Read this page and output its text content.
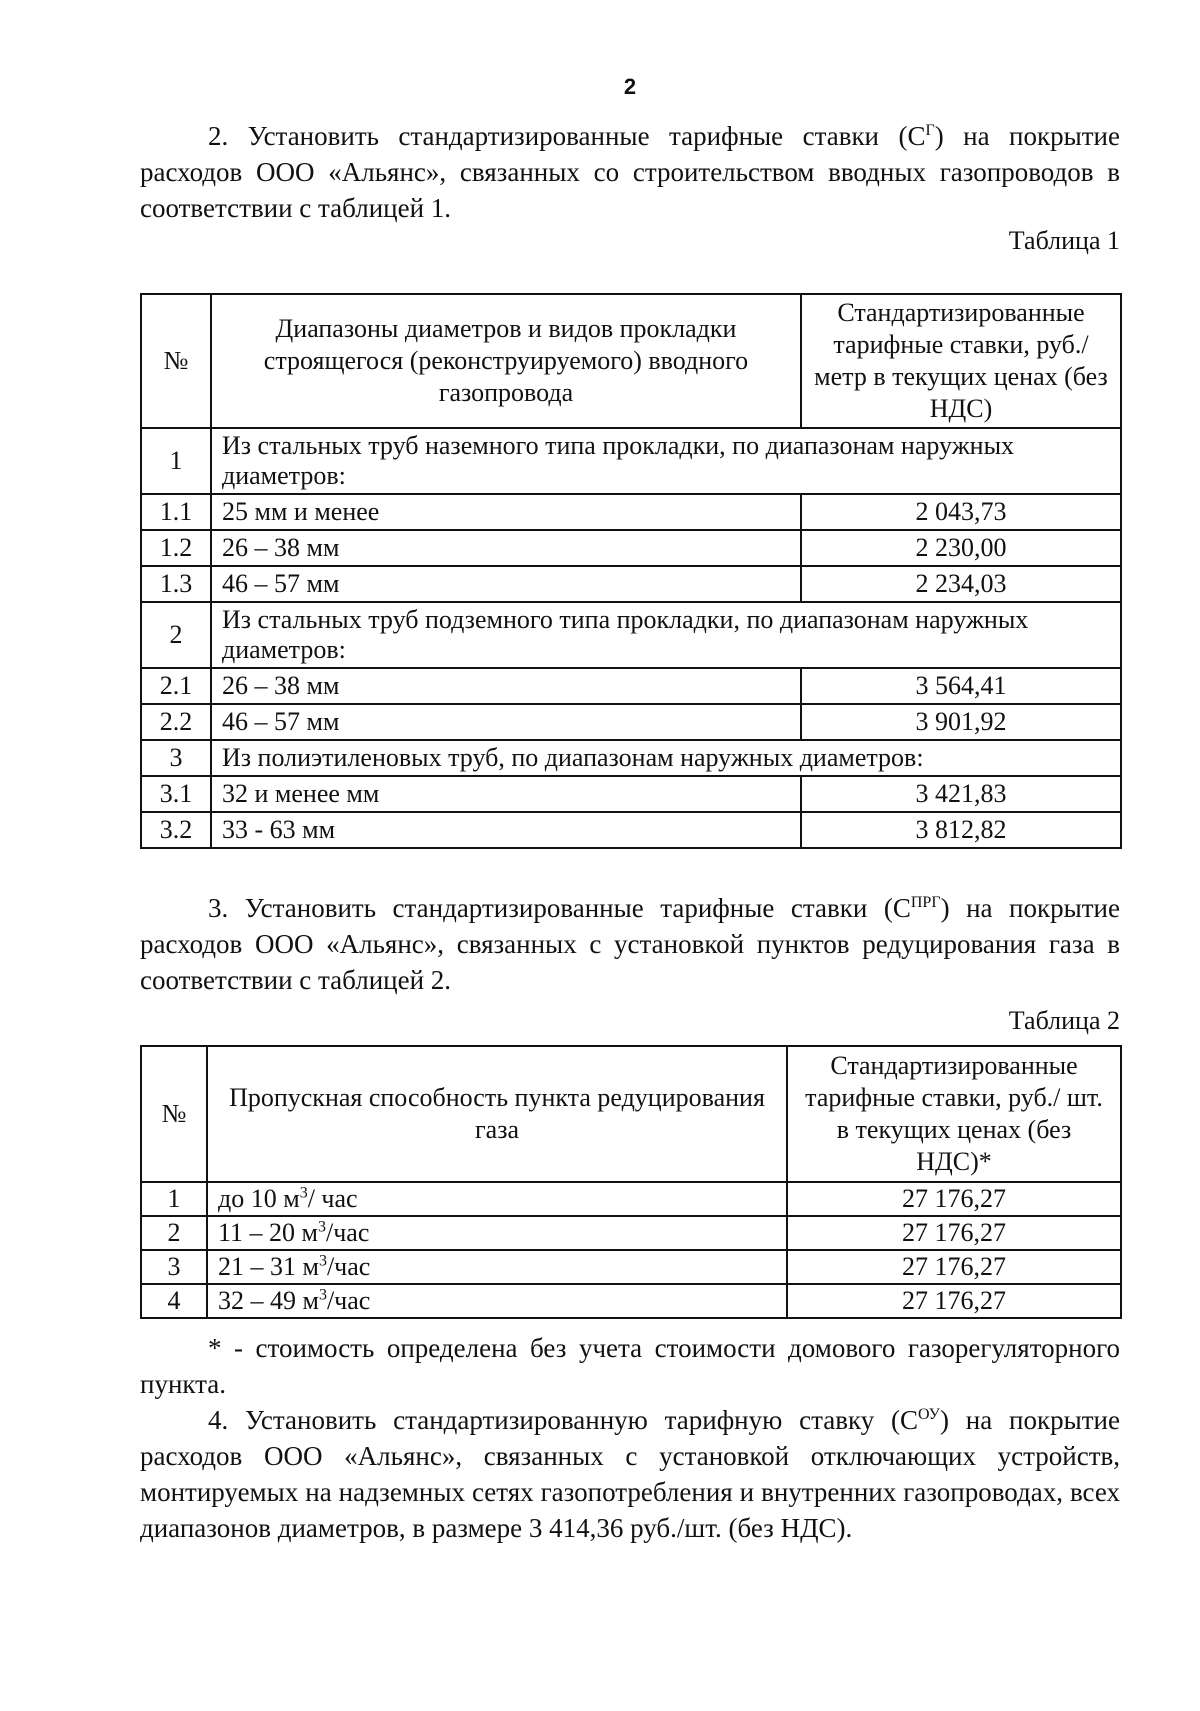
2
2. Установить стандартизированные тарифные ставки $(С^Г)$ на покрытие расходов ООО «Альянс», связанных со строительством вводных газопроводов в соответствии с таблицей 1.
Таблица 1
№	Диапазоны диаметров и видов прокладки строящегося (реконструируемого) вводного газопровода	Стандартизированные тарифные ставки, руб./метр в текущих ценах (без НДС)
1	Из стальных труб наземного типа прокладки, по диапазонам наружных диаметров:	
1.1	25 мм и менее	2 043,73
1.2	26 – 38 мм	2 230,00
1.3	46 – 57 мм	2 234,03
2	Из стальных труб подземного типа прокладки, по диапазонам наружных диаметров:	
2.1	26 – 38 мм	3 564,41
2.2	46 – 57 мм	3 901,92
3	Из полиэтиленовых труб, по диапазонам наружных диаметров:	
3.1	32 и менее мм	3 421,83
3.2	33 - 63 мм	3 812,82
3. Установить стандартизированные тарифные ставки $(С^{ПРГ})$ на покрытие расходов ООО «Альянс», связанных с установкой пунктов редуцирования газа в соответствии с таблицей 2.
Таблица 2
№	Пропускная способность пункта редуцирования газа	Стандартизированные тарифные ставки, руб./ шт. в текущих ценах (без НДС)*
1	до 10 $м^3/$ час	27 176,27
2	11 – 20 $м^3$/час	27 176,27
3	21 – 31 $м^3$/час	27 176,27
4	32 – 49 $м^3$/час	27 176,27
* - стоимость определена без учета стоимости домового газорегуляторного пункта.
4. Установить стандартизированную тарифную ставку $(С^{ОУ})$ на покрытие расходов ООО «Альянс», связанных с установкой отключающих устройств, монтируемых на надземных сетях газопотребления и внутренних газопроводах, всех диапазонов диаметров, в размере 3 414,36 руб./шт. (без НДС).
